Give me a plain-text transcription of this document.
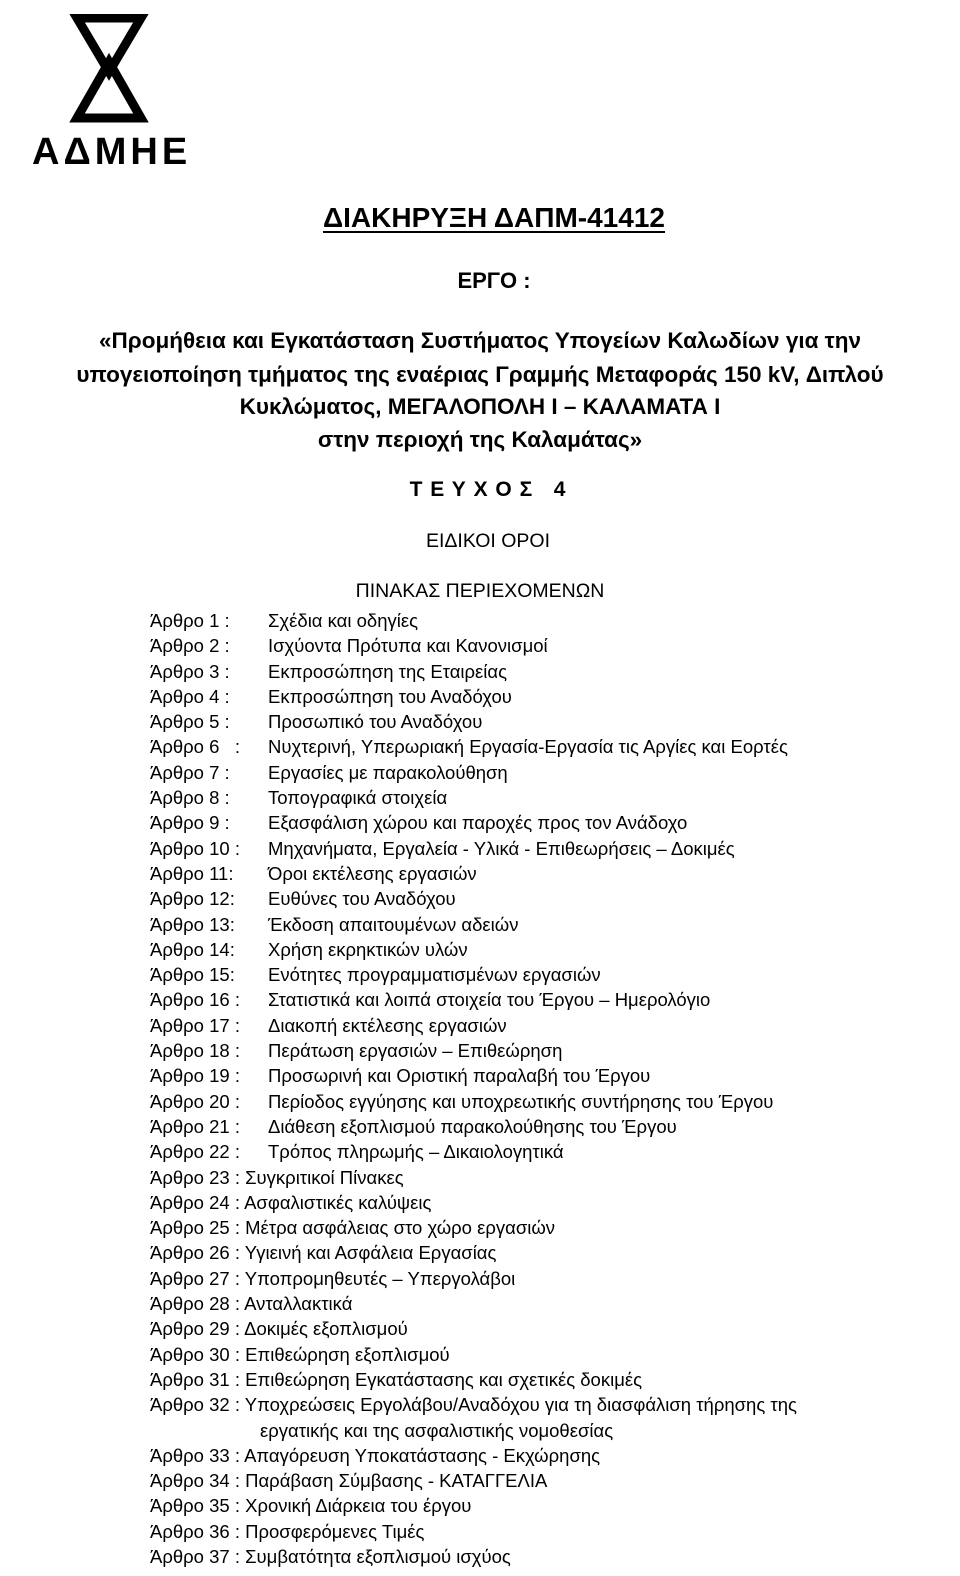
ΑΔΜΗΕ
ΔΙΑΚΗΡΥΞΗ ΔΑΠΜ-41412
ΕΡΓΟ :
«Προμήθεια και Εγκατάσταση Συστήματος Υπογείων Καλωδίων για την
υπογειοποίηση τμήματος της εναέριας Γραμμής Μεταφοράς 150 kV, Διπλού
Κυκλώματος, ΜΕΓΑΛΟΠΟΛΗ Ι – ΚΑΛΑΜΑΤΑ Ι
στην περιοχή της Καλαμάτας»
Τ Ε Υ Χ Ο Σ   4
ΕΙΔΙΚΟΙ ΟΡΟΙ
ΠΙΝΑΚΑΣ ΠΕΡΙΕΧΟΜΕΝΩΝ
Άρθρο 1 : Σχέδια και οδηγίες
Άρθρο 2 : Ισχύοντα Πρότυπα και Κανονισμοί
Άρθρο 3 : Εκπροσώπηση της Εταιρείας
Άρθρο 4 : Εκπροσώπηση του Αναδόχου
Άρθρο 5 : Προσωπικό του Αναδόχου
Άρθρο 6   : Νυχτερινή, Υπερωριακή Εργασία-Εργασία τις Αργίες και Εορτές
Άρθρο 7 : Εργασίες με παρακολούθηση
Άρθρο 8 : Τοπογραφικά στοιχεία
Άρθρο 9 : Εξασφάλιση χώρου και παροχές προς τον Ανάδοχο
Άρθρο 10 : Μηχανήματα, Εργαλεία - Υλικά - Επιθεωρήσεις – Δοκιμές
Άρθρο 11: Όροι εκτέλεσης εργασιών
Άρθρο 12: Ευθύνες του Αναδόχου
Άρθρο 13: Έκδοση απαιτουμένων αδειών
Άρθρο 14: Χρήση εκρηκτικών υλών
Άρθρο 15: Ενότητες προγραμματισμένων εργασιών
Άρθρο 16 : Στατιστικά και λοιπά στοιχεία του Έργου – Ημερολόγιο
Άρθρο 17 : Διακοπή εκτέλεσης εργασιών
Άρθρο 18 : Περάτωση εργασιών – Επιθεώρηση
Άρθρο 19 : Προσωρινή και Οριστική παραλαβή του Έργου
Άρθρο 20 : Περίοδος εγγύησης και υποχρεωτικής συντήρησης του Έργου
Άρθρο 21 : Διάθεση εξοπλισμού παρακολούθησης του Έργου
Άρθρο 22 : Τρόπος πληρωμής – Δικαιολογητικά
Άρθρο 23 : Συγκριτικοί Πίνακες
Άρθρο 24 : Ασφαλιστικές καλύψεις
Άρθρο 25 : Μέτρα ασφάλειας στο χώρο εργασιών
Άρθρο 26 : Υγιεινή και Ασφάλεια Εργασίας
Άρθρο 27 : Υποπρομηθευτές – Υπεργολάβοι
Άρθρο 28 : Ανταλλακτικά
Άρθρο 29 : Δοκιμές εξοπλισμού
Άρθρο 30 : Επιθεώρηση εξοπλισμού
Άρθρο 31 : Επιθεώρηση Εγκατάστασης και σχετικές δοκιμές
Άρθρο 32 : Υποχρεώσεις Εργολάβου/Αναδόχου για τη διασφάλιση τήρησης της
εργατικής και της ασφαλιστικής νομοθεσίας
Άρθρο 33 : Απαγόρευση Υποκατάστασης - Εκχώρησης
Άρθρο 34 : Παράβαση Σύμβασης - ΚΑΤΑΓΓΕΛΙΑ
Άρθρο 35 : Χρονική Διάρκεια του έργου
Άρθρο 36 : Προσφερόμενες Τιμές
Άρθρο 37 : Συμβατότητα εξοπλισμού ισχύος
